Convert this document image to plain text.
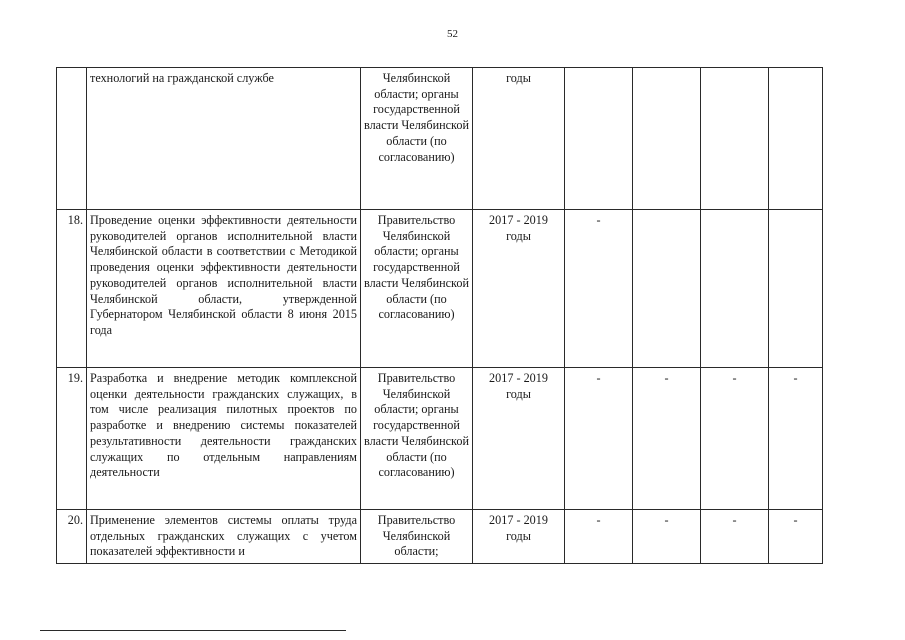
52
	технологий на гражданской службе	Челябинской области; органы государственной власти Челябинской области (по согласованию)	годы				
18.	Проведение оценки эффективности деятельности руководителей органов исполнительной власти Челябинской области в соответствии с Методикой проведения оценки эффективности деятельности руководителей органов исполнительной власти Челябинской области, утвержденной Губернатором Челябинской области 8 июня 2015 года	Правительство Челябинской области; органы государственной власти Челябинской области (по согласованию)	2017 - 2019 годы	-			
19.	Разработка и внедрение методик комплексной оценки деятельности гражданских служащих, в том числе реализация пилотных проектов по разработке и внедрению системы показателей результативности деятельности гражданских служащих по отдельным направлениям деятельности	Правительство Челябинской области; органы государственной власти Челябинской области (по согласованию)	2017 - 2019 годы	-	-	-	-
20.	Применение элементов системы оплаты труда отдельных гражданских служащих с учетом показателей эффективности и	Правительство Челябинской области;	2017 - 2019 годы	-	-	-	-
